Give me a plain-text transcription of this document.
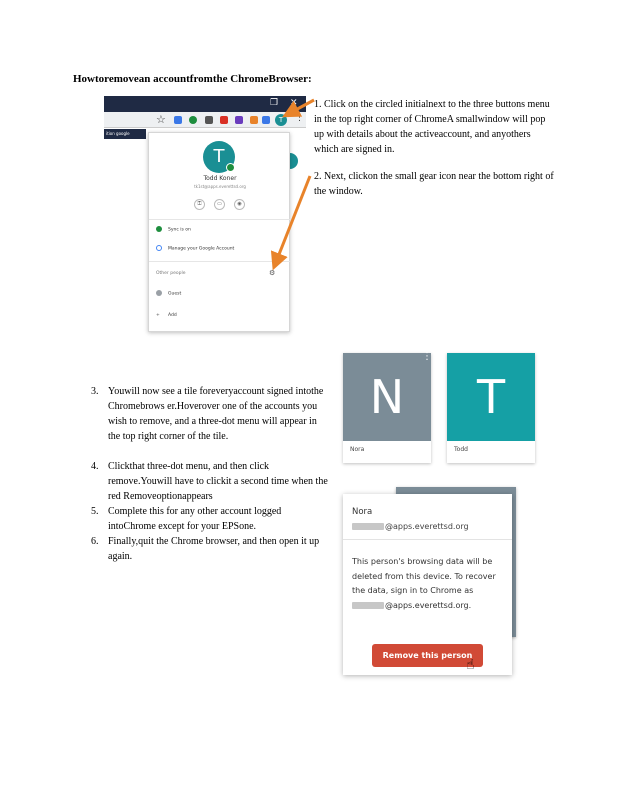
Howtoremovean accountfromthe ChromeBrowser:
❐ ✕
☆	T	⋮
ition google ec/shtlshk
T
Todd Koner
tk1st@apps.everettsd.org
⚿	▭	◉
Sync is on
Manage your Google Account
Other people	⚙
Guest
+ Add
1. Click on the circled initialnext to the three buttons menu in the top right corner of ChromeA smallwindow will pop up with details about the activeaccount, and anyothers which are signed in.
2. Next, clickon the small gear icon near the bottom right of the window.
3. Youwill now see a tile foreveryaccount signed intothe Chromebrows er.Hoverover one of the accounts you wish to remove, and a three-dot menu will appear in the top right corner of the tile.
4. Clickthat three-dot menu, and then click remove.Youwill have to clickit a second time when the red Removeoptionappears
5. Complete this for any other account logged intoChrome except for your EPSone.
6. Finally,quit the Chrome browser, and then open it up again.
N
⋮
Nora
T
Todd
Nora
@apps.everettsd.org
This person's browsing data will be deleted from this device. To recover the data, sign in to Chrome as
@apps.everettsd.org.
Remove this person
☝
